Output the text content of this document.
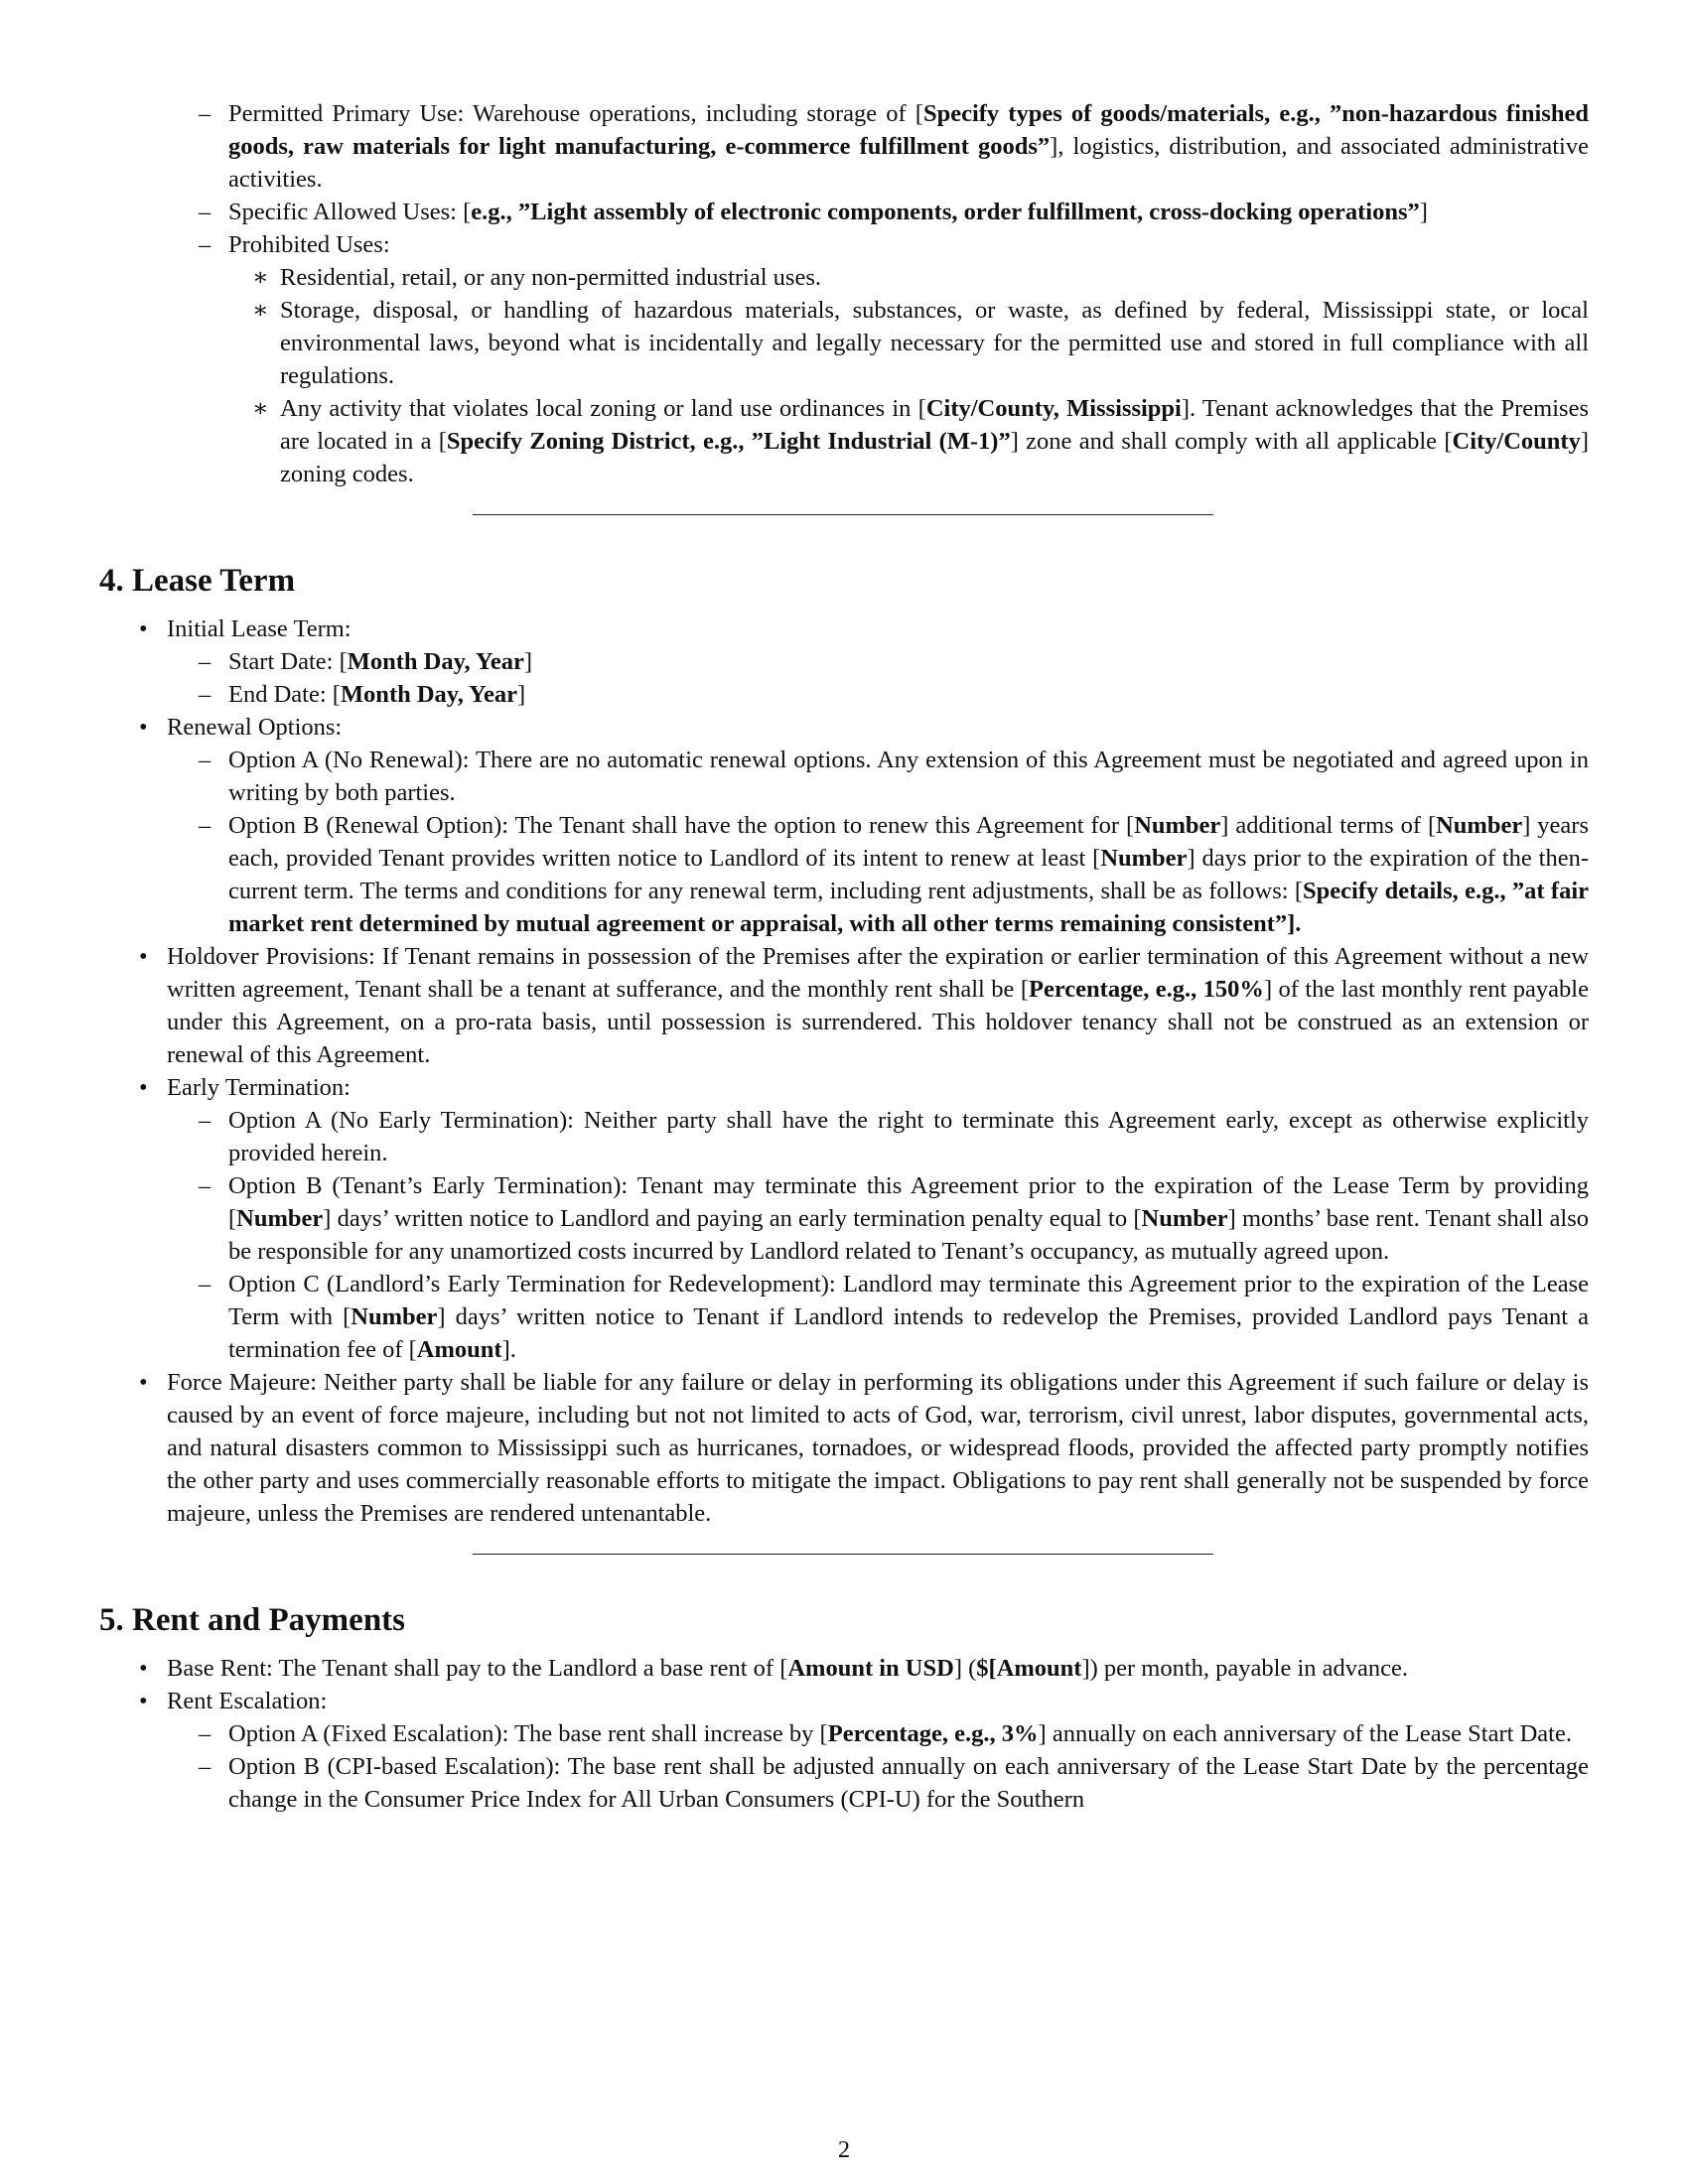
– Permitted Primary Use: Warehouse operations, including storage of [Specify types of goods/materials, e.g., ”non-hazardous finished goods, raw materials for light manufacturing, e-commerce fulfillment goods”], logistics, distribution, and associated administrative activities.

– Specific Allowed Uses: [e.g., ”Light assembly of electronic components, order fulfillment, cross-docking operations”]

– Prohibited Uses:

∗ Residential, retail, or any non-permitted industrial uses.

∗ Storage, disposal, or handling of hazardous materials, substances, or waste, as defined by federal, Mississippi state, or local environmental laws, beyond what is incidentally and legally necessary for the permitted use and stored in full compliance with all regulations.

∗ Any activity that violates local zoning or land use ordinances in [City/County, Mississippi]. Tenant acknowledges that the Premises are located in a [Specify Zoning District, e.g., ”Light Industrial (M-1)”] zone and shall comply with all applicable [City/County] zoning codes.

4. Lease Term

• Initial Lease Term:

– Start Date: [Month Day, Year]

– End Date: [Month Day, Year]

• Renewal Options:

– Option A (No Renewal): There are no automatic renewal options. Any extension of this Agreement must be negotiated and agreed upon in writing by both parties.

– Option B (Renewal Option): The Tenant shall have the option to renew this Agreement for [Number] additional terms of [Number] years each, provided Tenant provides written notice to Landlord of its intent to renew at least [Number] days prior to the expiration of the then-current term. The terms and conditions for any renewal term, including rent adjustments, shall be as follows: [Specify details, e.g., ”at fair market rent determined by mutual agreement or appraisal, with all other terms remaining consistent”].

• Holdover Provisions: If Tenant remains in possession of the Premises after the expiration or earlier termination of this Agreement without a new written agreement, Tenant shall be a tenant at sufferance, and the monthly rent shall be [Percentage, e.g., 150%] of the last monthly rent payable under this Agreement, on a pro-rata basis, until possession is surrendered. This holdover tenancy shall not be construed as an extension or renewal of this Agreement.

• Early Termination:

– Option A (No Early Termination): Neither party shall have the right to terminate this Agreement early, except as otherwise explicitly provided herein.

– Option B (Tenant’s Early Termination): Tenant may terminate this Agreement prior to the expiration of the Lease Term by providing [Number] days’ written notice to Landlord and paying an early termination penalty equal to [Number] months’ base rent. Tenant shall also be responsible for any unamortized costs incurred by Landlord related to Tenant’s occupancy, as mutually agreed upon.

– Option C (Landlord’s Early Termination for Redevelopment): Landlord may terminate this Agreement prior to the expiration of the Lease Term with [Number] days’ written notice to Tenant if Landlord intends to redevelop the Premises, provided Landlord pays Tenant a termination fee of [Amount].

• Force Majeure: Neither party shall be liable for any failure or delay in performing its obligations under this Agreement if such failure or delay is caused by an event of force majeure, including but not not limited to acts of God, war, terrorism, civil unrest, labor disputes, governmental acts, and natural disasters common to Mississippi such as hurricanes, tornadoes, or widespread floods, provided the affected party promptly notifies the other party and uses commercially reasonable efforts to mitigate the impact. Obligations to pay rent shall generally not be suspended by force majeure, unless the Premises are rendered untenantable.

5. Rent and Payments

• Base Rent: The Tenant shall pay to the Landlord a base rent of [Amount in USD] ($[Amount]) per month, payable in advance.

• Rent Escalation:

– Option A (Fixed Escalation): The base rent shall increase by [Percentage, e.g., 3%] annually on each anniversary of the Lease Start Date.

– Option B (CPI-based Escalation): The base rent shall be adjusted annually on each anniversary of the Lease Start Date by the percentage change in the Consumer Price Index for All Urban Consumers (CPI-U) for the Southern

2
